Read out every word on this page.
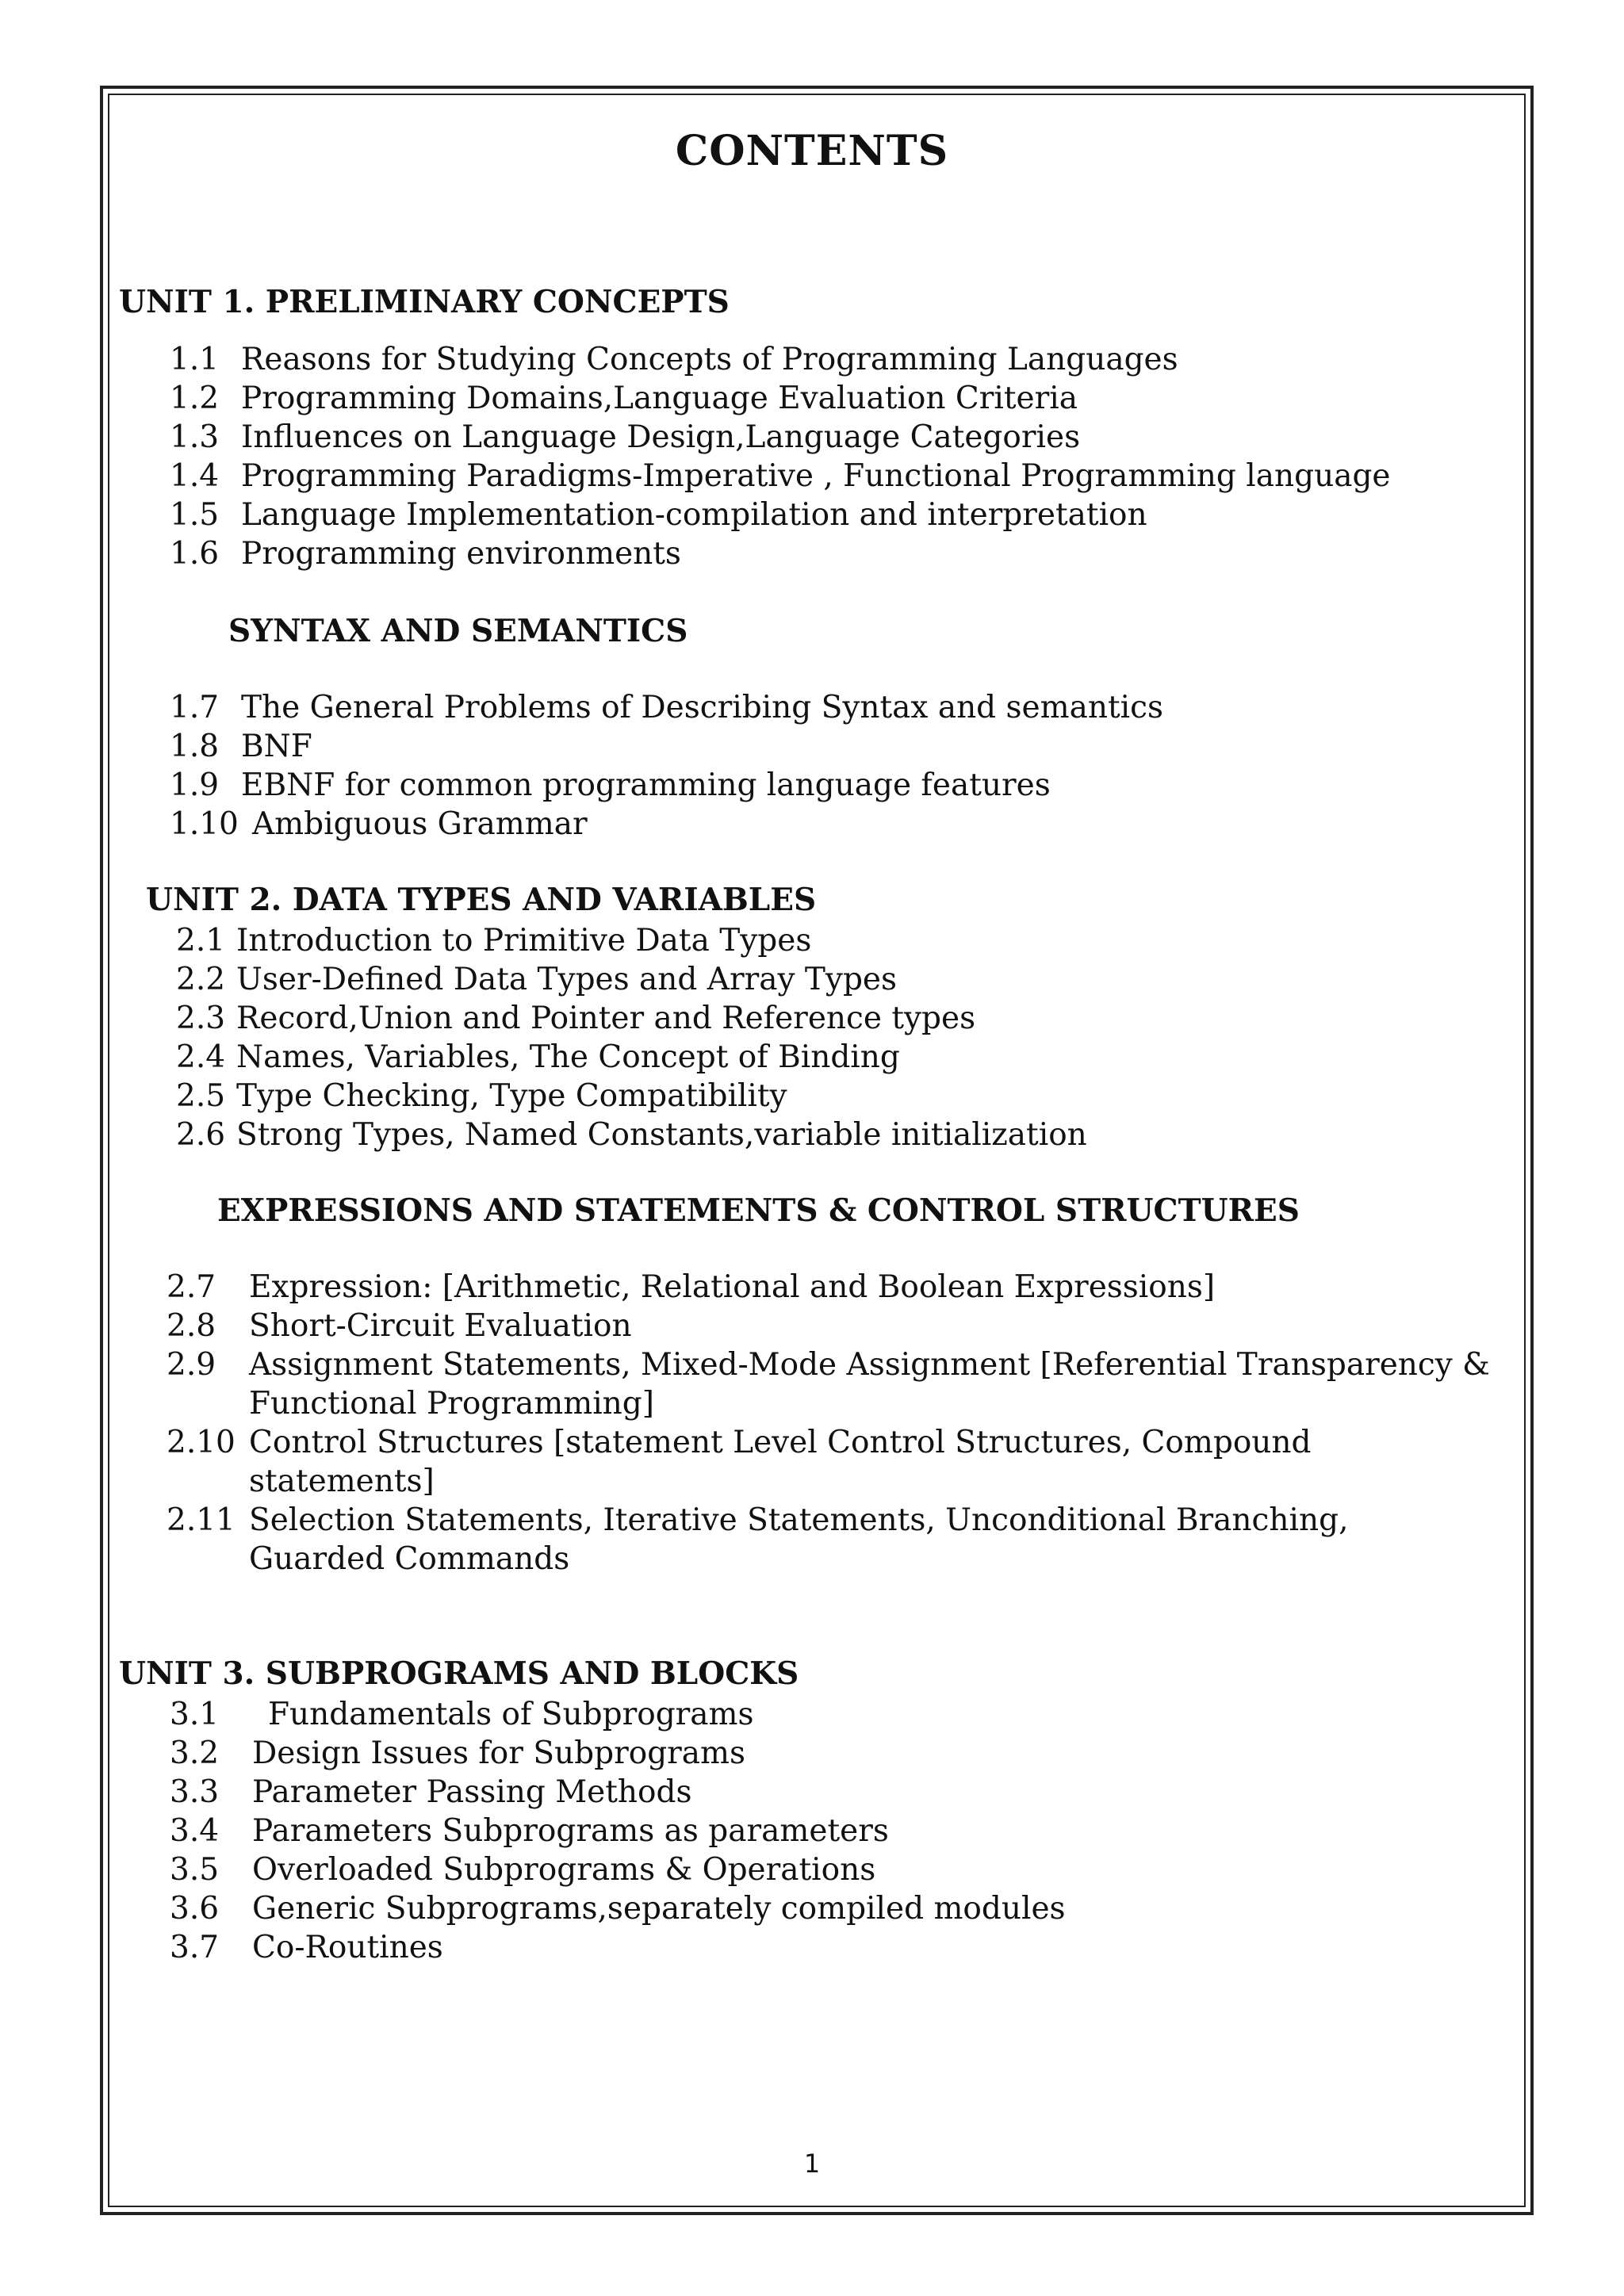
CONTENTS
UNIT 1. PRELIMINARY CONCEPTS
1.1 Reasons for Studying Concepts of Programming Languages
1.2 Programming Domains,Language Evaluation Criteria
1.3 Influences on Language Design,Language Categories
1.4 Programming Paradigms-Imperative , Functional Programming language
1.5 Language Implementation-compilation and interpretation
1.6 Programming environments
SYNTAX AND SEMANTICS
1.7 The General Problems of Describing Syntax and semantics
1.8 BNF
1.9 EBNF for common programming language features
1.10 Ambiguous Grammar
UNIT 2. DATA TYPES AND VARIABLES
2.1 Introduction to Primitive Data Types
2.2 User-Defined Data Types and Array Types
2.3 Record,Union and Pointer and Reference types
2.4 Names, Variables, The Concept of Binding
2.5 Type Checking, Type Compatibility
2.6 Strong Types, Named Constants,variable initialization
EXPRESSIONS AND STATEMENTS & CONTROL STRUCTURES
2.7 Expression: [Arithmetic, Relational and Boolean Expressions]
2.8 Short-Circuit Evaluation
2.9 Assignment Statements, Mixed-Mode Assignment [Referential Transparency &
Functional Programming]
2.10 Control Structures [statement Level Control Structures, Compound
statements]
2.11 Selection Statements, Iterative Statements, Unconditional Branching,
Guarded Commands
UNIT 3. SUBPROGRAMS AND BLOCKS
3.1 Fundamentals of Subprograms
3.2 Design Issues for Subprograms
3.3 Parameter Passing Methods
3.4 Parameters Subprograms as parameters
3.5 Overloaded Subprograms & Operations
3.6 Generic Subprograms,separately compiled modules
3.7 Co-Routines
1
